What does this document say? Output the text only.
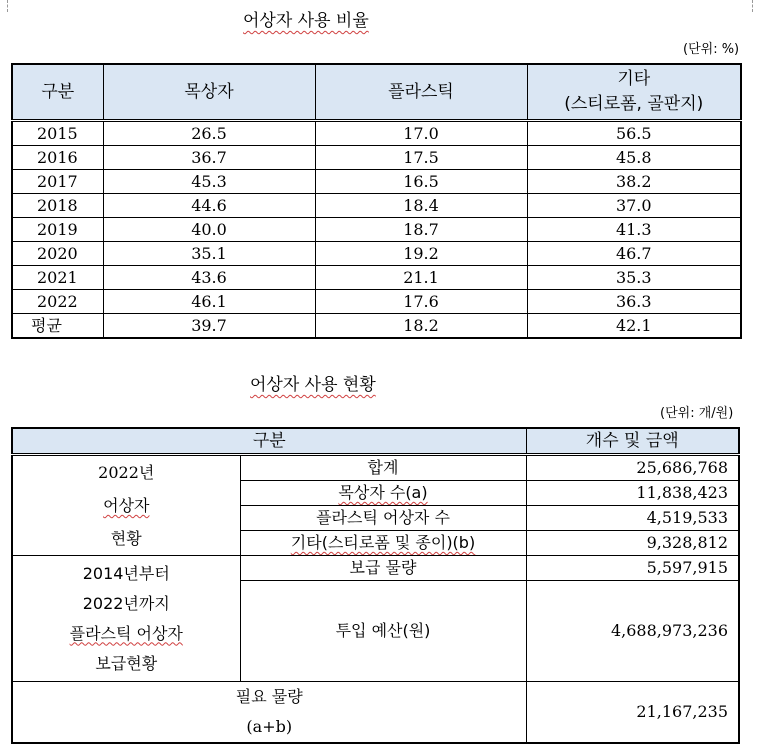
어상자 사용 비율
(단위: %)
구분	목상자	플라스틱	기타
(스티로폼, 골판지)

2015	26.5	17.0	56.5
2016	36.7	17.5	45.8
2017	45.3	16.5	38.2
2018	44.6	18.4	37.0
2019	40.0	18.7	41.3
2020	35.1	19.2	46.7
2021	43.6	21.1	35.3
2022	46.1	17.6	36.3
평균	39.7	18.2	42.1
어상자 사용 현황
(단위: 개/원)
구분		개수 및 금액

2022년
어상자
현황	합계	25,686,768
	목상자 수(a)	11,838,423
	플라스틱 어상자 수	4,519,533
	기타(스티로폼 및 종이)(b)	9,328,812

2014년부터
2022년까지
플라스틱 어상자
보급현황	보급 물량	5,597,915
	투입 예산(원)	4,688,973,236

필요 물량
(a+b)		21,167,235
